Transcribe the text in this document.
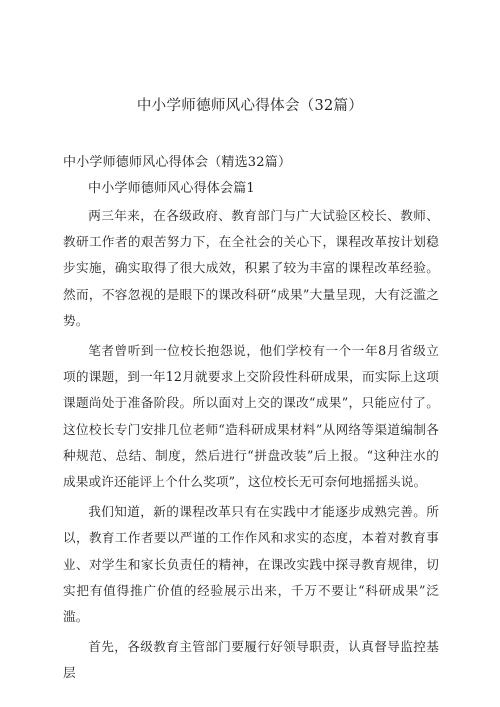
中小学师德师风心得体会（32篇）
中小学师德师风心得体会（精选32篇）
中小学师德师风心得体会篇1

两三年来，在各级政府、教育部门与广大试验区校长、教师、教研工作者的艰苦努力下，在全社会的关心下，课程改革按计划稳步实施，确实取得了很大成效，积累了较为丰富的课程改革经验。然而，不容忽视的是眼下的课改科研“成果”大量呈现，大有泛滥之势。

笔者曾听到一位校长抱怨说，他们学校有一个一年8月省级立项的课题，到一年12月就要求上交阶段性科研成果，而实际上这项课题尚处于准备阶段。所以面对上交的课改“成果”，只能应付了。这位校长专门安排几位老师“造科研成果材料”从网络等渠道编制各种规范、总结、制度，然后进行“拼盘改装”后上报。“这种注水的成果或许还能评上个什么奖项”，这位校长无可奈何地摇摇头说。

我们知道，新的课程改革只有在实践中才能逐步成熟完善。所以，教育工作者要以严谨的工作作风和求实的态度，本着对教育事业、对学生和家长负责任的精神，在课改实践中探寻教育规律，切实把有值得推广价值的经验展示出来，千万不要让“科研成果”泛滥。

首先，各级教育主管部门要履行好领导职责，认真督导监控基层
